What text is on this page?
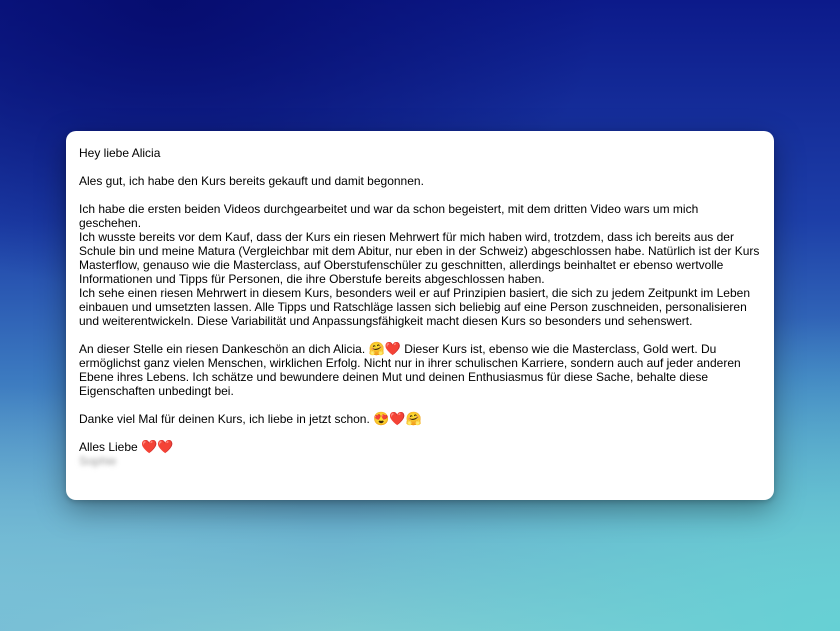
Hey liebe Alicia

Ales gut, ich habe den Kurs bereits gekauft und damit begonnen.

Ich habe die ersten beiden Videos durchgearbeitet und war da schon begeistert, mit dem dritten Video wars um mich geschehen.
Ich wusste bereits vor dem Kauf, dass der Kurs ein riesen Mehrwert für mich haben wird, trotzdem, dass ich bereits aus der Schule bin und meine Matura (Vergleichbar mit dem Abitur, nur eben in der Schweiz) abgeschlossen habe. Natürlich ist der Kurs Masterflow, genauso wie die Masterclass, auf Oberstufenschüler zu geschnitten, allerdings beinhaltet er ebenso wertvolle Informationen und Tipps für Personen, die ihre Oberstufe bereits abgeschlossen haben.
Ich sehe einen riesen Mehrwert in diesem Kurs, besonders weil er auf Prinzipien basiert, die sich zu jedem Zeitpunkt im Leben einbauen und umsetzten lassen. Alle Tipps und Ratschläge lassen sich beliebig auf eine Person zuschneiden, personalisieren und weiterentwickeln. Diese Variabilität und Anpassungsfähigkeit macht diesen Kurs so besonders und sehenswert.

An dieser Stelle ein riesen Dankeschön an dich Alicia. 🤗❤️ Dieser Kurs ist, ebenso wie die Masterclass, Gold wert. Du ermöglichst ganz vielen Menschen, wirklichen Erfolg. Nicht nur in ihrer schulischen Karriere, sondern auch auf jeder anderen Ebene ihres Lebens. Ich schätze und bewundere deinen Mut und deinen Enthusiasmus für diese Sache, behalte diese Eigenschaften unbedingt bei.

Danke viel Mal für deinen Kurs, ich liebe in jetzt schon. 😍❤️🤗

Alles Liebe ❤️❤️

Sophie
